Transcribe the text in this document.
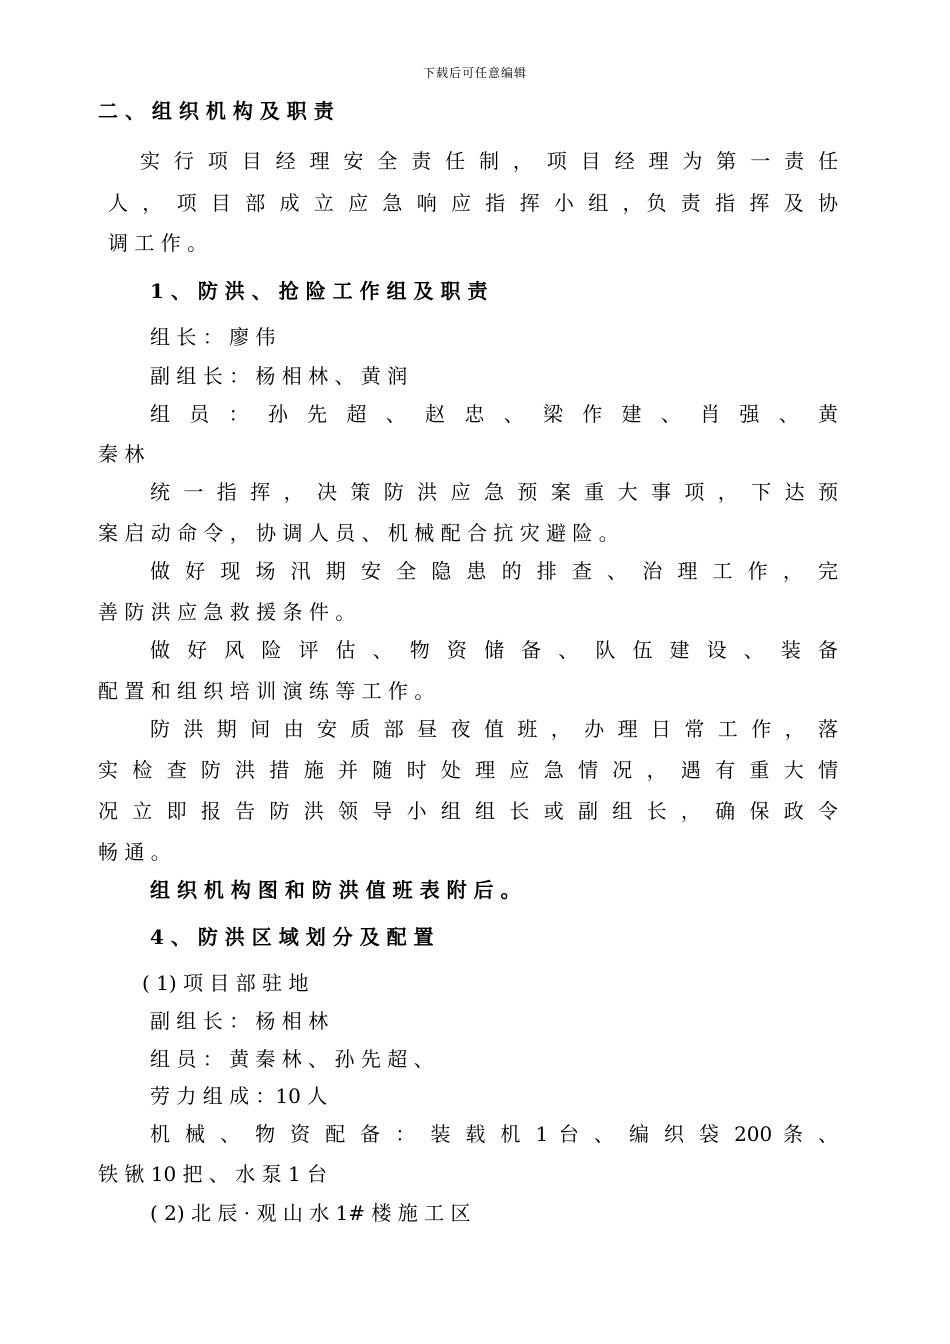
下载后可任意编辑
二 、 组 织 机 构 及 职 责
实 行 项 目 经 理 安 全 责 任 制 ， 项 目 经 理 为 第 一 责 任
人 ， 项 目 部 成 立 应 急 响 应 指 挥 小 组 ，负 责 指 挥 及 协
调 工 作 。
1 、 防 洪 、 抢 险 工 作 组 及 职 责
组 长 ： 廖 伟
副 组 长 ： 杨 相 林 、 黄 润
组 员 ： 孙 先 超 、 赵 忠 、 梁 作 建 、 肖 强 、 黄
秦 林
统 一 指 挥 ， 决 策 防 洪 应 急 预 案 重 大 事 项 ， 下 达 预
案 启 动 命 令 ， 协 调 人 员 、 机 械 配 合 抗 灾 避 险 。
做 好 现 场 汛 期 安 全 隐 患 的 排 查 、 治 理 工 作 ， 完
善 防 洪 应 急 救 援 条 件 。
做 好 风 险 评 估 、 物 资 储 备 、 队 伍 建 设 、 装 备
配 置 和 组 织 培 训 演 练 等 工 作 。
防 洪 期 间 由 安 质 部 昼 夜 值 班 ， 办 理 日 常 工 作 ， 落
实 检 查 防 洪 措 施 并 随 时 处 理 应 急 情 况 ， 遇 有 重 大 情
况 立 即 报 告 防 洪 领 导 小 组 组 长 或 副 组 长 ， 确 保 政 令
畅 通 。
组 织 机 构 图 和 防 洪 值 班 表 附 后 。
4 、 防 洪 区 域 划 分 及 配 置
( 1) 项 目 部 驻 地
副 组 长 ： 杨 相 林
组 员 ： 黄 秦 林 、 孙 先 超 、
劳 力 组 成 ：10 人
机 械 、 物 资 配 备 ： 装 载 机 1 台 、 编 织 袋 200 条 、
铁 锹 10 把 、 水 泵 1 台
( 2) 北 辰 · 观 山 水 1# 楼 施 工 区
